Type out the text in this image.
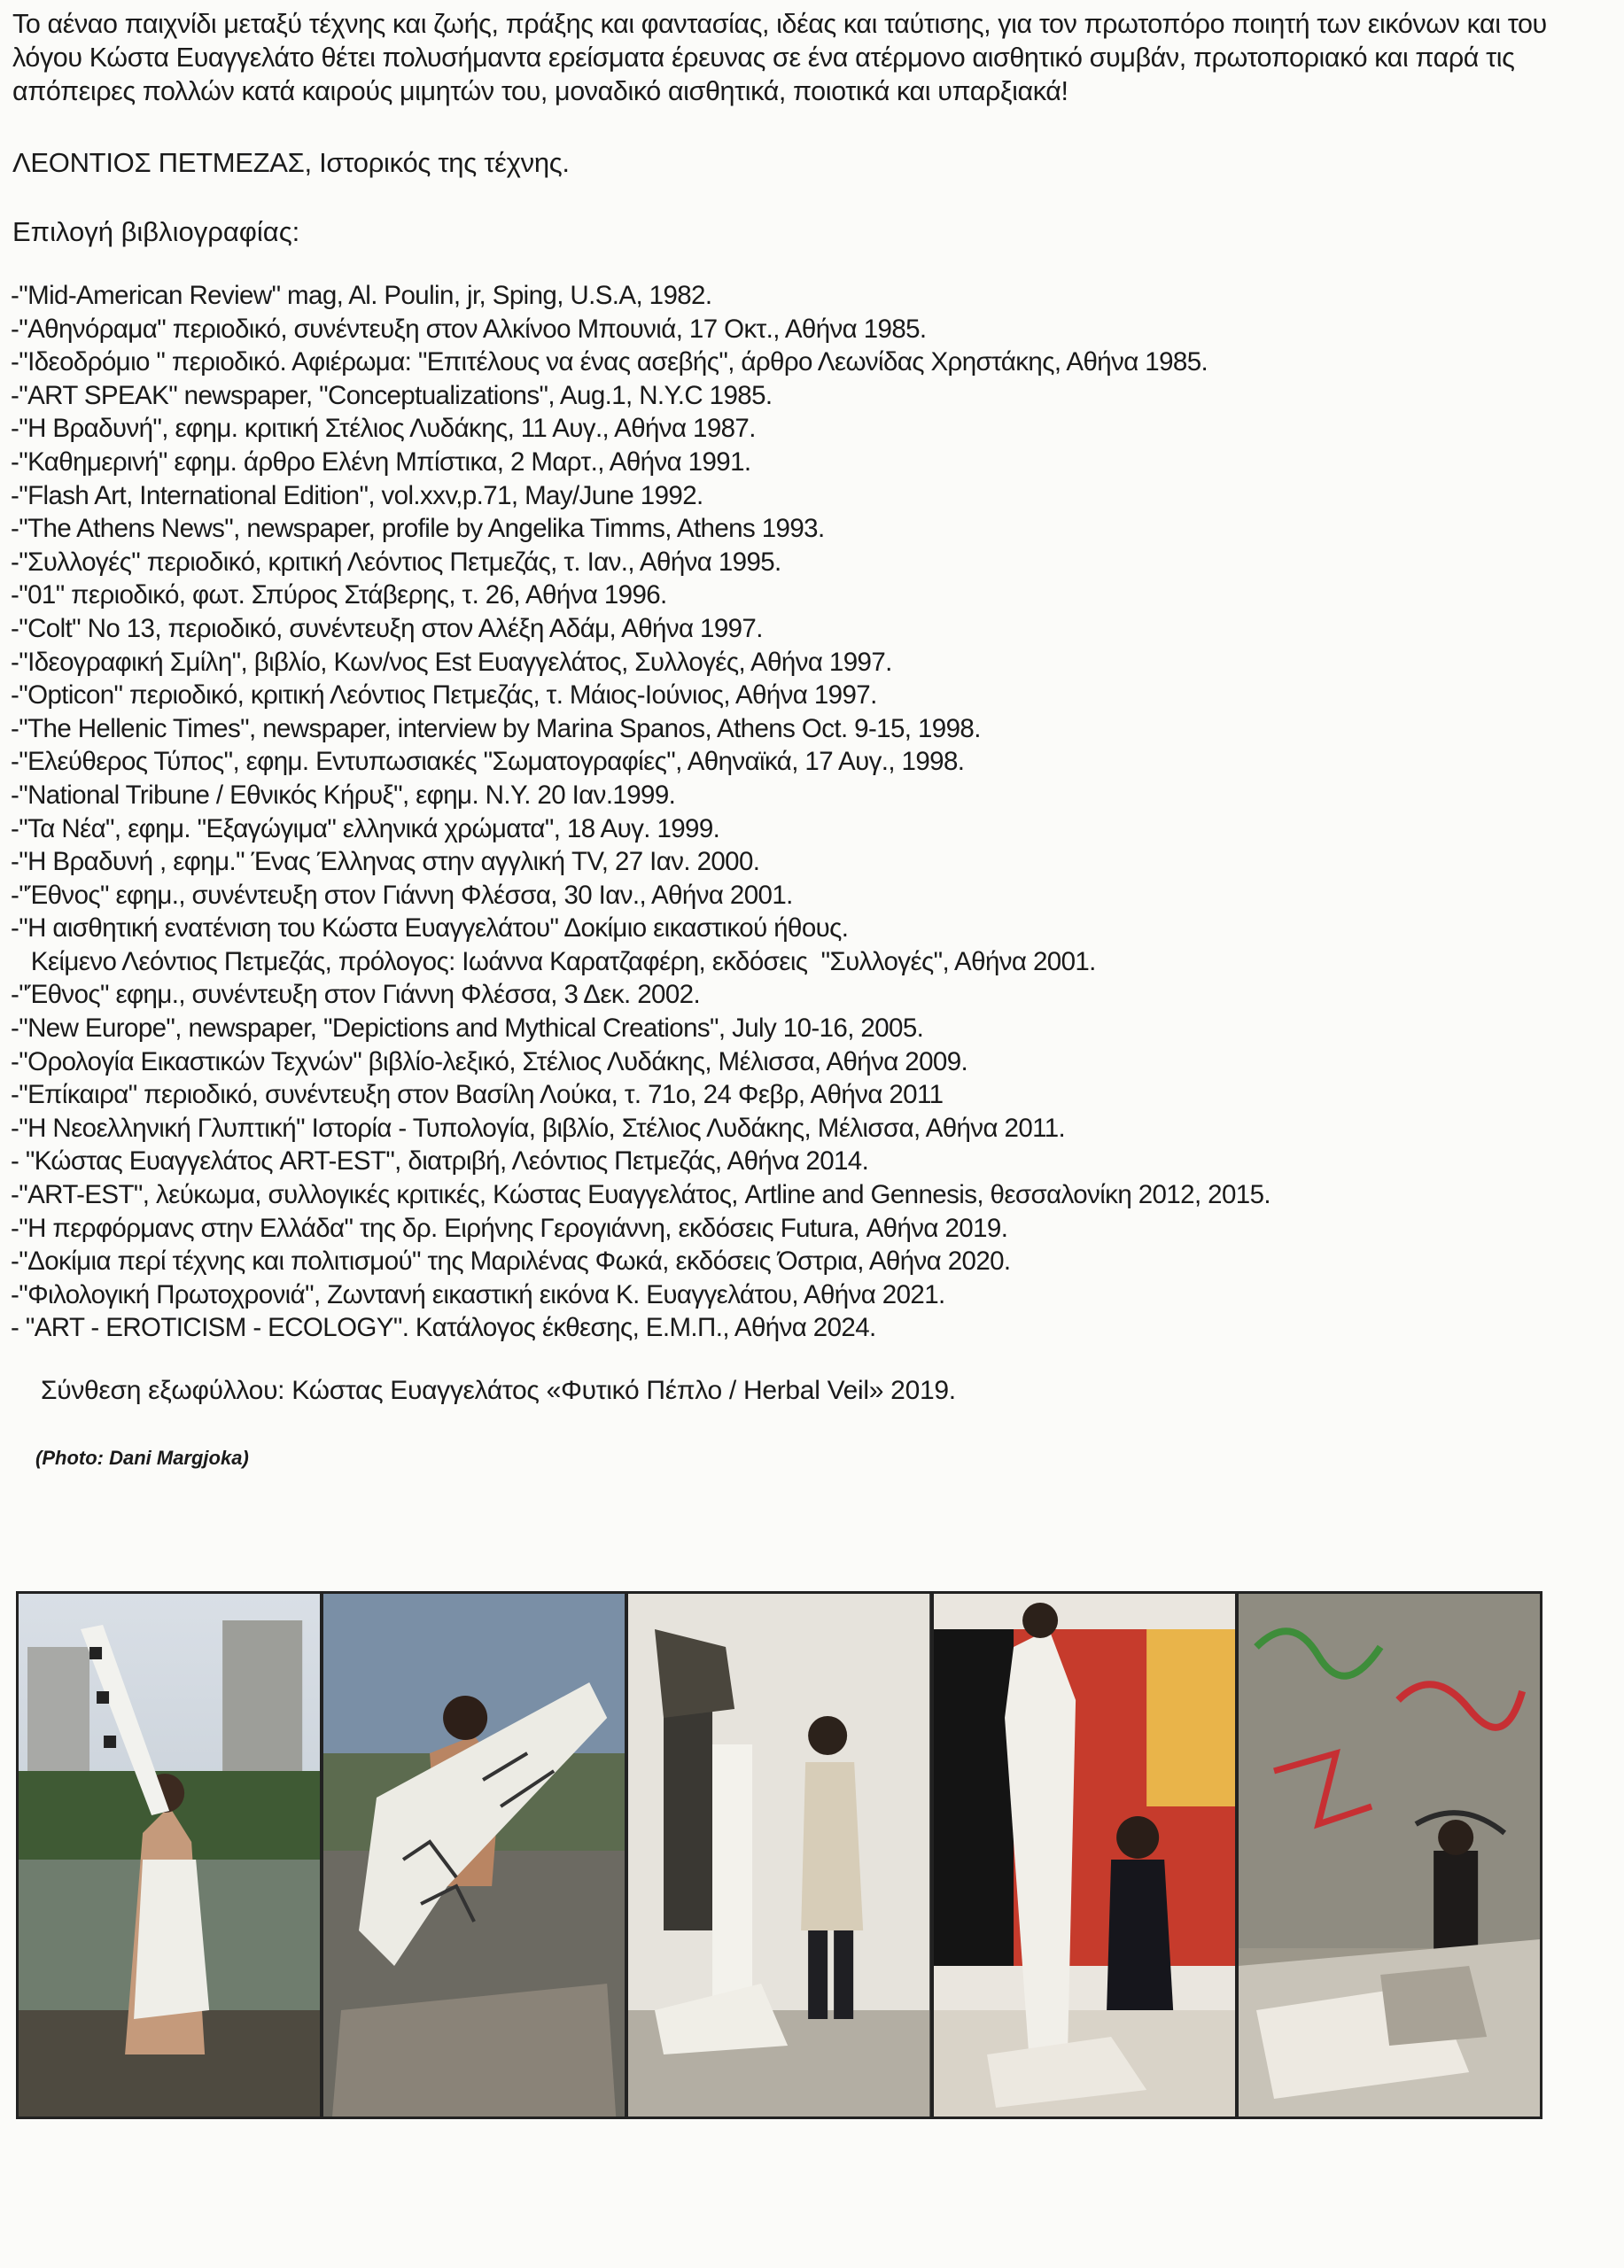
Το αέναο παιχνίδι μεταξύ τέχνης και ζωής, πράξης και φαντασίας, ιδέας και ταύτισης, για τον πρωτοπόρο ποιητή των εικόνων και του λόγου Κώστα Ευαγγελάτο θέτει πολυσήμαντα ερείσματα έρευνας σε ένα ατέρμονο αισθητικό συμβάν, πρωτοποριακό και παρά τις απόπειρες πολλών κατά καιρούς μιμητών του, μοναδικό αισθητικά, ποιοτικά και υπαρξιακά!

ΛΕΟΝΤΙΟΣ ΠΕΤΜΕΖΑΣ, Ιστορικός της τέχνης.

Επιλογή βιβλιογραφίας:

-"Mid-American Review" mag, Al. Poulin, jr, Sping, U.S.A, 1982.
-"Αθηνόραμα" περιοδικό, συνέντευξη στον Αλκίνοο Μπουνιά, 17 Οκτ., Αθήνα 1985.
-"Ιδεοδρόμιο " περιοδικό. Αφιέρωμα: "Επιτέλους να ένας ασεβής", άρθρο Λεωνίδας Χρηστάκης, Αθήνα 1985.
-"ART SPEAK" newspaper, "Conceptualizations", Aug.1, N.Y.C 1985.
-"Η Βραδυνή", εφημ. κριτική Στέλιος Λυδάκης, 11 Αυγ., Αθήνα 1987.
-"Καθημερινή" εφημ. άρθρο Ελένη Μπίστικα, 2 Μαρτ., Αθήνα 1991.
-"Flash Art, International Edition", vol.xxv,p.71, May/June 1992.
-"The Athens News", newspaper, profile by Angelika Timms, Athens 1993.
-"Συλλογές" περιοδικό, κριτική Λεόντιος Πετμεζάς, τ. Ιαν., Αθήνα 1995.
-"01" περιοδικό, φωτ. Σπύρος Στάβερης, τ. 26, Αθήνα 1996.
-"Colt" No 13, περιοδικό, συνέντευξη στον Αλέξη Αδάμ, Αθήνα 1997.
-"Ιδεογραφική Σμίλη", βιβλίο, Κων/νος Est Ευαγγελάτος, Συλλογές, Αθήνα 1997.
-"Opticon" περιοδικό, κριτική Λεόντιος Πετμεζάς, τ. Μάιος-Ιούνιος, Αθήνα 1997.
-"The Hellenic Times", newspaper, interview by Marina Spanos, Athens Oct. 9-15, 1998.
-"Ελεύθερος Τύπος", εφημ. Εντυπωσιακές "Σωματογραφίες", Αθηναϊκά, 17 Αυγ., 1998.
-"National Tribune / Εθνικός Κήρυξ", εφημ. N.Y. 20 Ιαν.1999.
-"Τα Νέα", εφημ. "Εξαγώγιμα" ελληνικά χρώματα", 18 Αυγ. 1999.
-"Η Βραδυνή , εφημ." Ένας Έλληνας στην αγγλική TV, 27 Ιαν. 2000.
-"Έθνος" εφημ., συνέντευξη στον Γιάννη Φλέσσα, 30 Ιαν., Αθήνα 2001.
-"Η αισθητική ενατένιση του Κώστα Ευαγγελάτου" Δοκίμιο εικαστικού ήθους.
Κείμενο Λεόντιος Πετμεζάς, πρόλογος: Ιωάννα Καρατζαφέρη, εκδόσεις  "Συλλογές", Αθήνα 2001.
-"Έθνος" εφημ., συνέντευξη στον Γιάννη Φλέσσα, 3 Δεκ. 2002.
-"New Europe", newspaper, "Depictions and Mythical Creations", July 10-16, 2005.
-"Ορολογία Εικαστικών Τεχνών" βιβλίο-λεξικό, Στέλιος Λυδάκης, Μέλισσα, Αθήνα 2009.
-"Επίκαιρα" περιοδικό, συνέντευξη στον Βασίλη Λούκα, τ. 71ο, 24 Φεβρ, Αθήνα 2011
-"Η Νεοελληνική Γλυπτική" Ιστορία - Τυπολογία, βιβλίο, Στέλιος Λυδάκης, Μέλισσα, Αθήνα 2011.
- "Κώστας Ευαγγελάτος ART-EST", διατριβή, Λεόντιος Πετμεζάς, Αθήνα 2014.
-"ART-EST", λεύκωμα, συλλογικές κριτικές, Κώστας Ευαγγελάτος, Artline and Gennesis, θεσσαλονίκη 2012, 2015.
-"Η περφόρμανς στην Ελλάδα" της δρ. Ειρήνης Γερογιάννη, εκδόσεις Futura, Αθήνα 2019.
-"Δοκίμια περί τέχνης και πολιτισμού" της Μαριλένας Φωκά, εκδόσεις Όστρια, Αθήνα 2020.
-"Φιλολογική Πρωτοχρονιά", Ζωντανή εικαστική εικόνα Κ. Ευαγγελάτου, Αθήνα 2021.
- "ART - EROTICISM - ECOLOGY". Κατάλογος έκθεσης, Ε.Μ.Π., Αθήνα 2024.

Σύνθεση εξωφύλλου: Κώστας Ευαγγελάτος «Φυτικό Πέπλο / Herbal Veil» 2019.

(Photo: Dani Margjoka)
